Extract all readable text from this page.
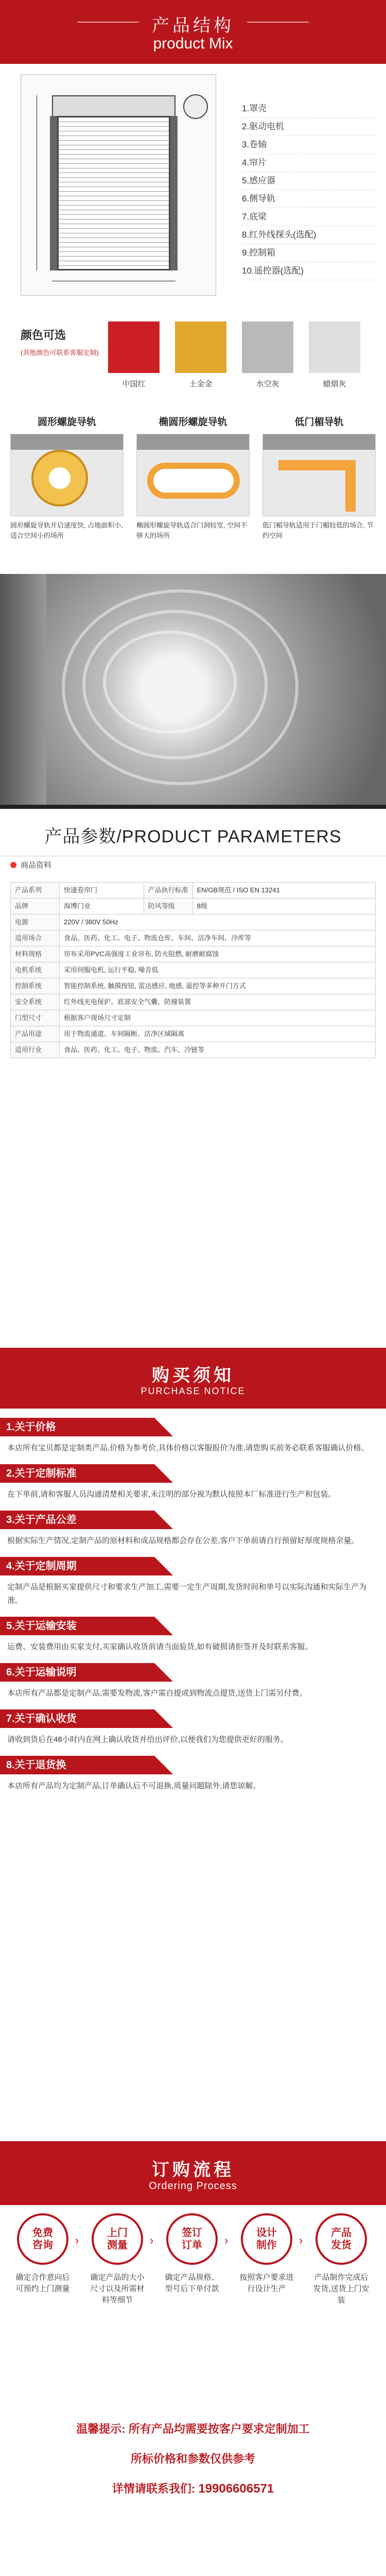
产品结构
product Mix
1.罩壳
2.驱动电机
3.卷轴
4.帘片
5.感应器
6.侧导轨
7.底梁
8.红外线探头(选配)
9.控制箱
10.遥控器(选配)
颜色可选
(其他颜色可联系客服定制)
中国红	土金金	水空灰	蜡烟灰
圆形螺旋导轨
圆形螺旋导轨开启速度快, 占地面积小, 适合空间小的场所
椭圆形螺旋导轨
椭圆形螺旋导轨适合门洞较宽, 空间不够大的场所
低门楣导轨
低门楣导轨适用于门楣较低的场合, 节约空间
产品参数/PRODUCT PARAMETERS
商品资料
产品系列	快速卷帘门	产品执行标准	EN/GB规范 / ISO EN 13241
品牌	海博门业	防风等级	8级
电源	220V / 380V 50Hz		
适用场合	食品、医药、化工、电子、物流仓库、车间、洁净车间、冷库等		
材料规格	帘布采用PVC高强度工业帘布, 防火阻燃, 耐磨耐腐蚀		
电机系统	采用伺服电机, 运行平稳, 噪音低		
控制系统	智能控制系统, 触摸按钮, 雷达感应, 地感, 遥控等多种开门方式		
安全系统	红外线光电保护、底部安全气囊、防撞装置		
门型尺寸	根据客户现场尺寸定制		
产品用途	用于物流通道、车间隔断、洁净区域隔离		
适用行业	食品、医药、化工、电子、物流、汽车、冷链等		
购买须知
PURCHASE NOTICE
1.关于价格
本店所有宝贝都是定制类产品,价格为参考价,具体价格以客服报价为准,请您购买前务必联系客服确认价格。
2.关于定制标准
在下单前,请和客服人员沟通清楚相关要求,未注明的部分视为默认按照本厂标准进行生产和包装。
3.关于产品公差
根据实际生产情况,定制产品的原材料和成品规格都会存在公差,客户下单前请自行预留好厚度规格余量。
4.关于定制周期
定制产品是根据买家提供尺寸和要求生产加工,需要一定生产周期,发货时间和单号以实际沟通和实际生产为准。
5.关于运输安装
运费、安装费用由买家支付,买家确认收货前请当面验货,如有破损请拒签并及时联系客服。
6.关于运输说明
本店所有产品都是定制产品,需要发物流,客户需自提或到物流点提货,送货上门需另付费。
7.关于确认收货
请收到货后在48小时内在网上确认收货并给出评价,以便我们为您提供更好的服务。
8.关于退货换
本店所有产品均为定制产品,订单确认后不可退换,质量问题除外,请您谅解。
订购流程
Ordering Process
免费
咨询
确定合作意向后可预约上门测量
›
上门
测量
确定产品的大小尺寸以及所需材料等细节
›
签订
订单
确定产品规格、型号后下单付款
›
设计
制作
按照客户要求进行设计生产
›
产品
发货
产品制作完成后发货,送货上门安装
温馨提示: 所有产品均需要按客户要求定制加工
所标价格和参数仅供参考
详情请联系我们: 19906606571
